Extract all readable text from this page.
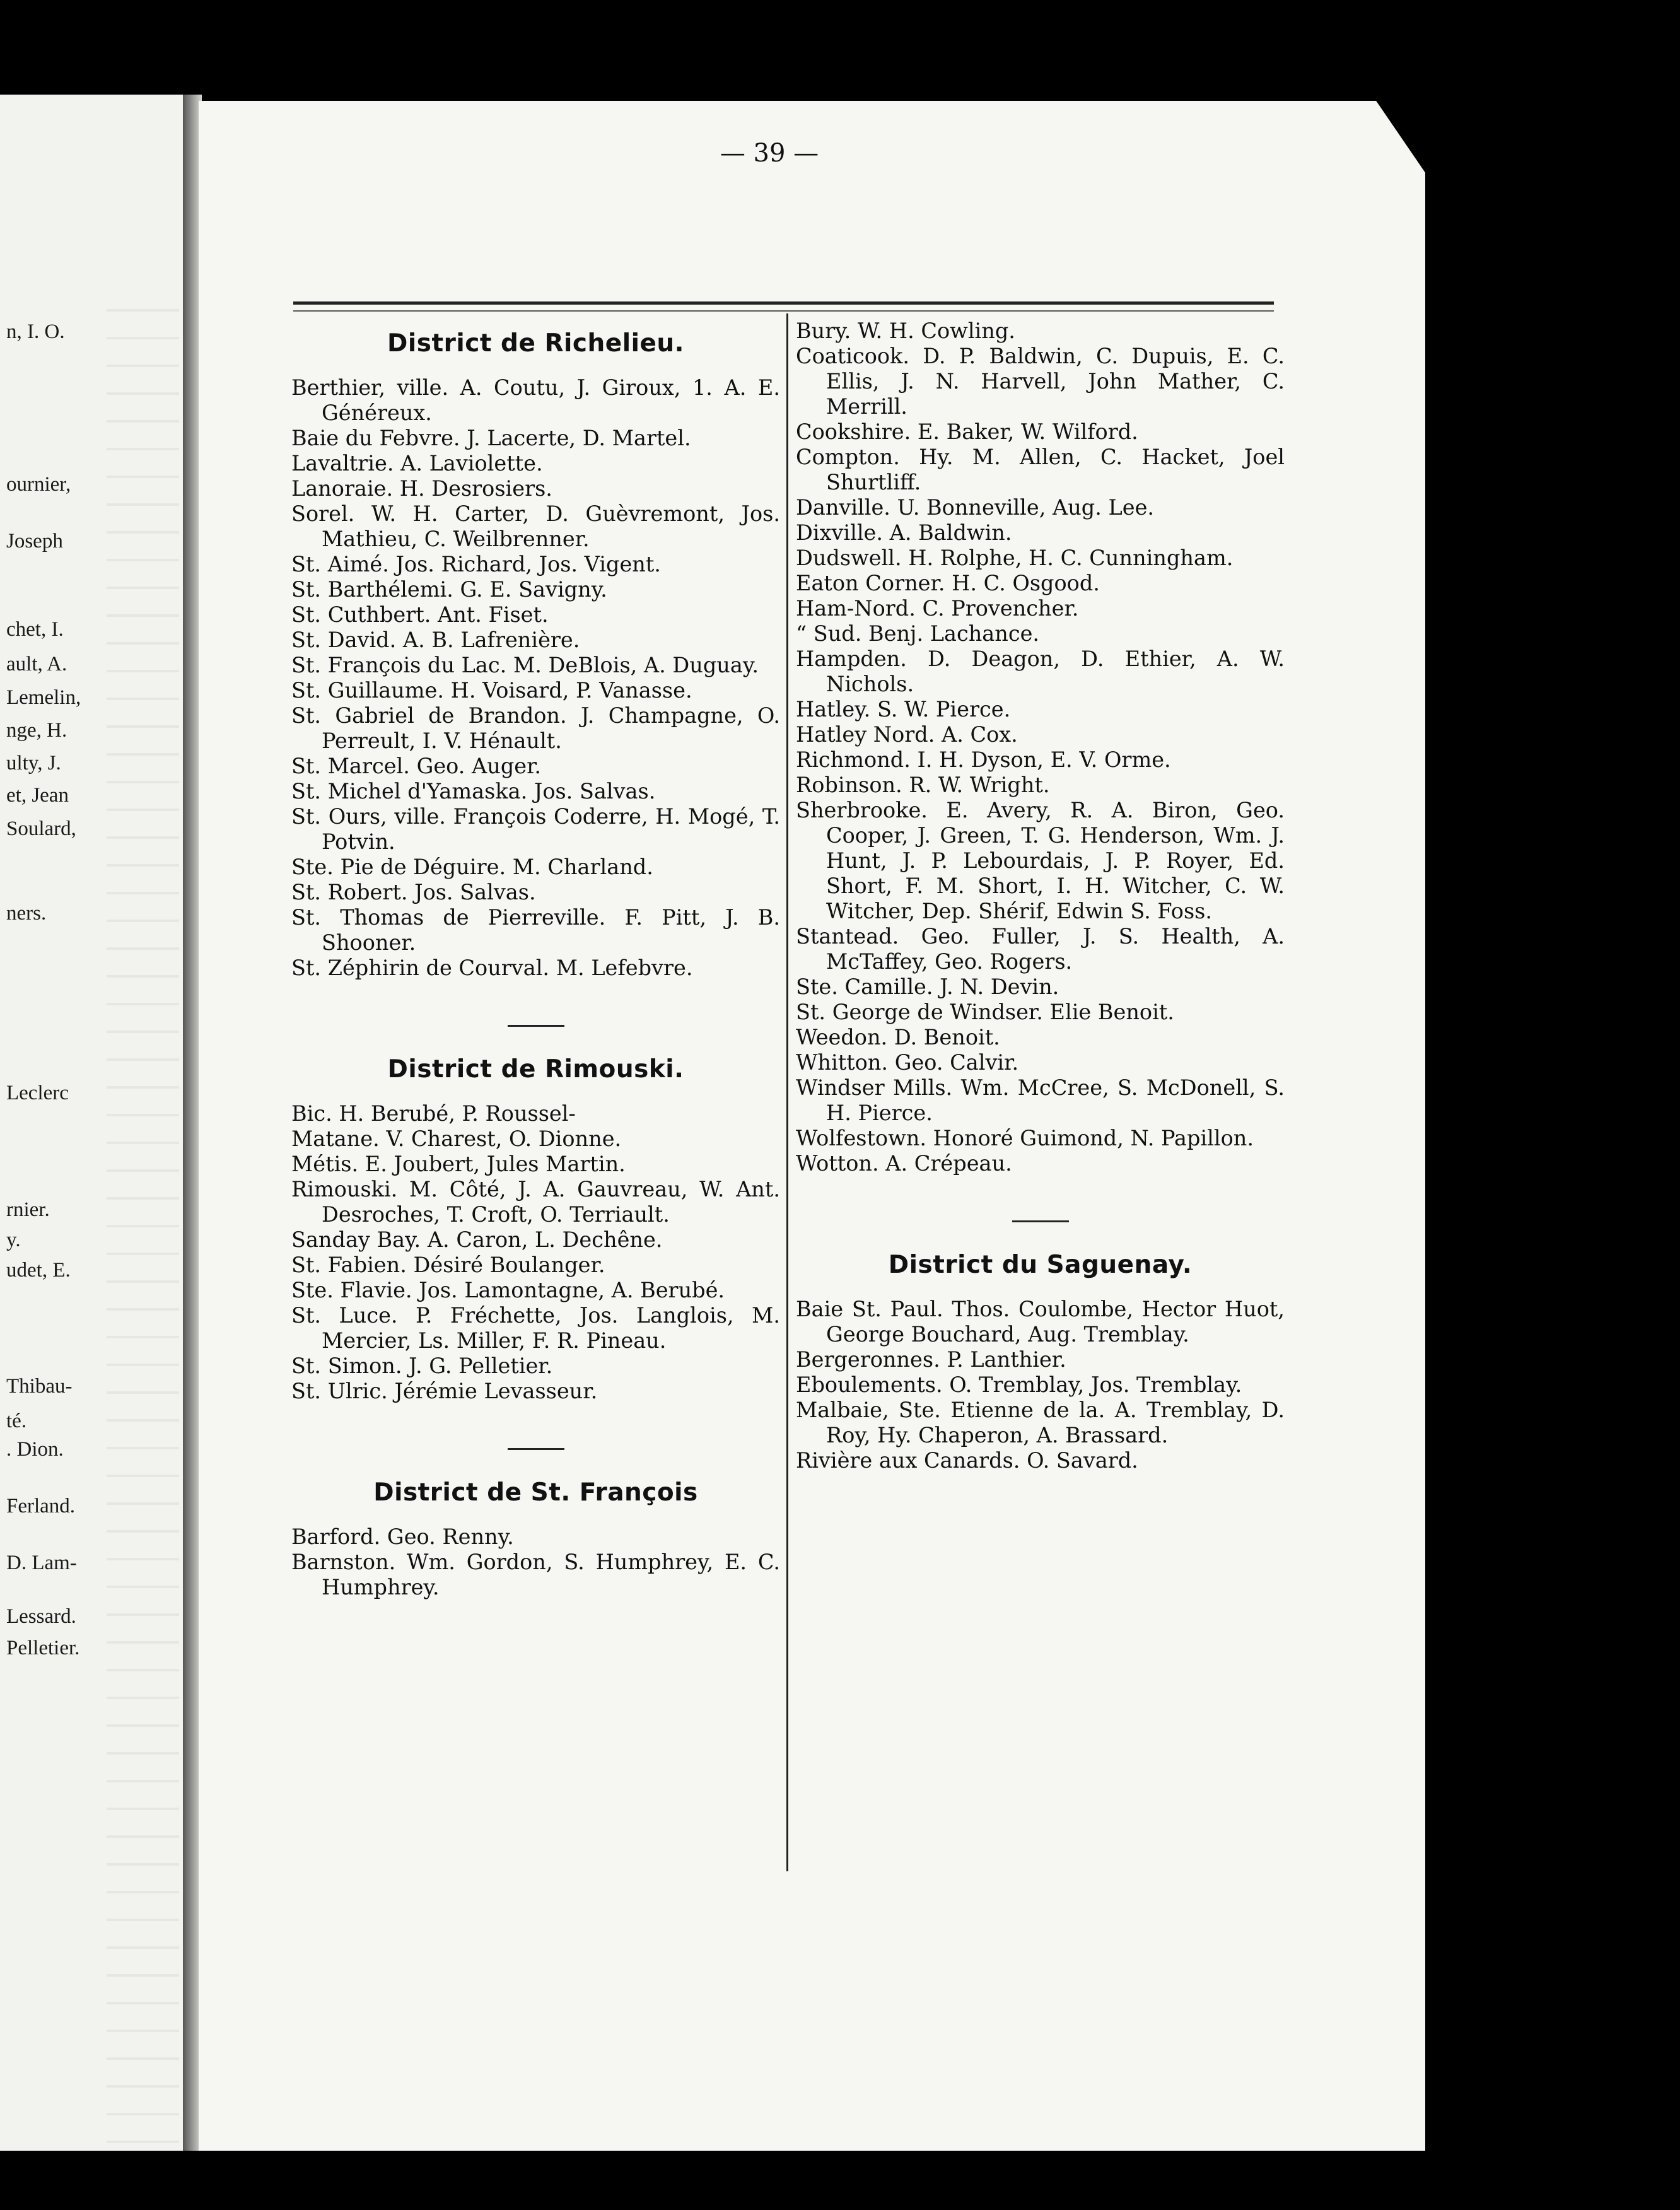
n, I. O.
ournier,
Joseph
chet, I.
ault, A.
Lemelin,
nge, H.
ulty, J.
et, Jean
Soulard,
ners.
Leclerc
rnier.
y.
udet, E.
Thibau-
té.
. Dion.
Ferland.
D. Lam-
Lessard.
Pelletier.
— 39 —
District de Richelieu.

Berthier, ville. A. Coutu, J. Giroux, 1. A. E. Généreux.

Baie du Febvre. J. Lacerte, D. Martel.

Lavaltrie. A. Laviolette.

Lanoraie. H. Desrosiers.

Sorel. W. H. Carter, D. Guèvremont, Jos. Mathieu, C. Weilbrenner.

St. Aimé. Jos. Richard, Jos. Vigent.

St. Barthélemi. G. E. Savigny.

St. Cuthbert. Ant. Fiset.

St. David. A. B. Lafrenière.

St. François du Lac. M. DeBlois, A. Duguay.

St. Guillaume. H. Voisard, P. Vanasse.

St. Gabriel de Brandon. J. Champagne, O. Perreult, I. V. Hénault.

St. Marcel. Geo. Auger.

St. Michel d'Yamaska. Jos. Salvas.

St. Ours, ville. François Coderre, H. Mogé, T. Potvin.

Ste. Pie de Déguire. M. Charland.

St. Robert. Jos. Salvas.

St. Thomas de Pierreville. F. Pitt, J. B. Shooner.

St. Zéphirin de Courval. M. Lefebvre.

District de Rimouski.

Bic. H. Berubé, P. Roussel-

Matane. V. Charest, O. Dionne.

Métis. E. Joubert, Jules Martin.

Rimouski. M. Côté, J. A. Gauvreau, W. Ant. Desroches, T. Croft, O. Terriault.

Sanday Bay. A. Caron, L. Dechêne.

St. Fabien. Désiré Boulanger.

Ste. Flavie. Jos. Lamontagne, A. Berubé.

St. Luce. P. Fréchette, Jos. Langlois, M. Mercier, Ls. Miller, F. R. Pineau.

St. Simon. J. G. Pelletier.

St. Ulric. Jérémie Levasseur.

District de St. François

Barford. Geo. Renny.

Barnston. Wm. Gordon, S. Humphrey, E. C. Humphrey.

Bury. W. H. Cowling.

Coaticook. D. P. Baldwin, C. Dupuis, E. C. Ellis, J. N. Harvell, John Mather, C. Merrill.

Cookshire. E. Baker, W. Wilford.

Compton. Hy. M. Allen, C. Hacket, Joel Shurtliff.

Danville. U. Bonneville, Aug. Lee.

Dixville. A. Baldwin.

Dudswell. H. Rolphe, H. C. Cunningham.

Eaton Corner. H. C. Osgood.

Ham-Nord. C. Provencher.

“ Sud. Benj. Lachance.

Hampden. D. Deagon, D. Ethier, A. W. Nichols.

Hatley. S. W. Pierce.

Hatley Nord. A. Cox.

Richmond. I. H. Dyson, E. V. Orme.

Robinson. R. W. Wright.

Sherbrooke. E. Avery, R. A. Biron, Geo. Cooper, J. Green, T. G. Henderson, Wm. J. Hunt, J. P. Lebourdais, J. P. Royer, Ed. Short, F. M. Short, I. H. Witcher, C. W. Witcher, Dep. Shérif, Edwin S. Foss.

Stantead. Geo. Fuller, J. S. Health, A. McTaffey, Geo. Rogers.

Ste. Camille. J. N. Devin.

St. George de Windser. Elie Benoit.

Weedon. D. Benoit.

Whitton. Geo. Calvir.

Windser Mills. Wm. McCree, S. McDonell, S. H. Pierce.

Wolfestown. Honoré Guimond, N. Papillon.

Wotton. A. Crépeau.

District du Saguenay.

Baie St. Paul. Thos. Coulombe, Hector Huot, George Bouchard, Aug. Tremblay.

Bergeronnes. P. Lanthier.

Eboulements. O. Tremblay, Jos. Tremblay.

Malbaie, Ste. Etienne de la. A. Tremblay, D. Roy, Hy. Chaperon, A. Brassard.

Rivière aux Canards. O. Savard.
